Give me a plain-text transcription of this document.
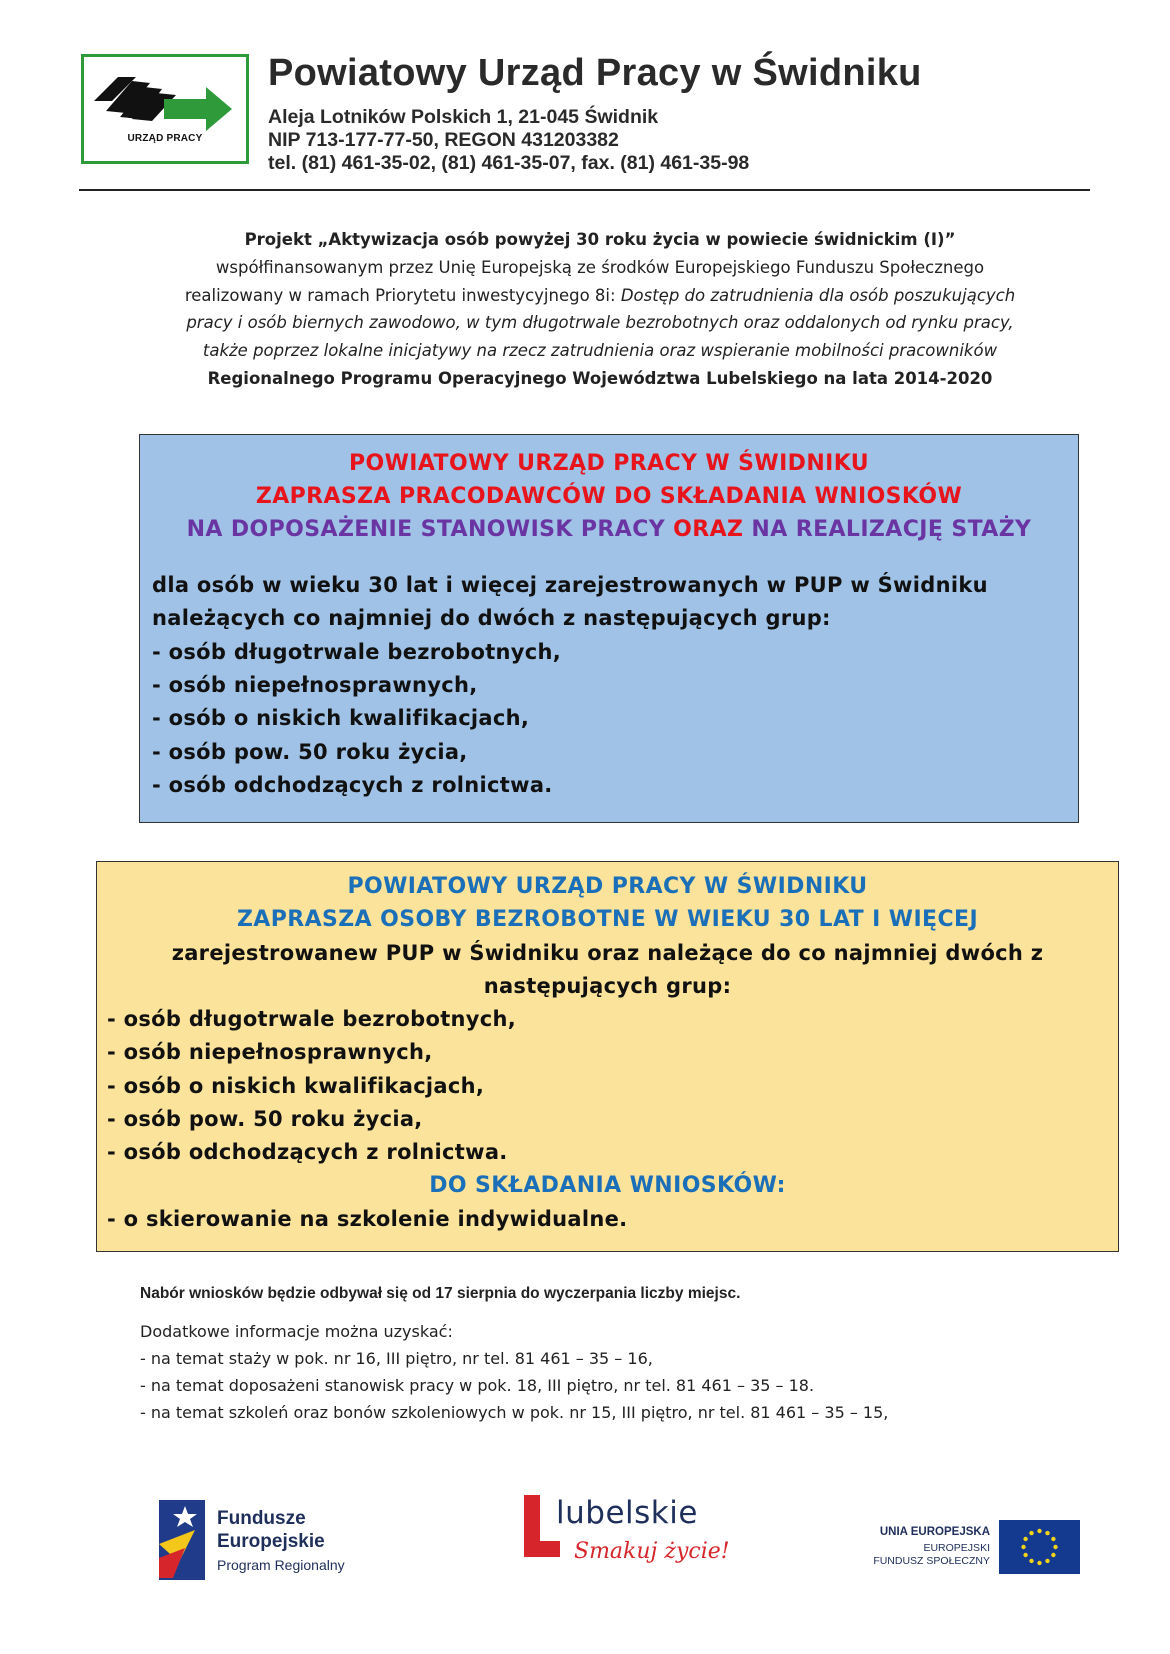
URZĄD PRACY
Powiatowy Urząd Pracy w Świdniku
Aleja Lotników Polskich 1, 21-045 Świdnik
NIP 713-177-77-50, REGON 431203382
tel. (81) 461-35-02, (81) 461-35-07, fax. (81) 461-35-98
Projekt „Aktywizacja osób powyżej 30 roku życia w powiecie świdnickim (I)”
współfinansowanym przez Unię Europejską ze środków Europejskiego Funduszu Społecznego
realizowany w ramach Priorytetu inwestycyjnego 8i: Dostęp do zatrudnienia dla osób poszukujących
pracy i osób biernych zawodowo, w tym długotrwale bezrobotnych oraz oddalonych od rynku pracy,
także poprzez lokalne inicjatywy na rzecz zatrudnienia oraz wspieranie mobilności pracowników
Regionalnego Programu Operacyjnego Województwa Lubelskiego na lata 2014-2020
POWIATOWY URZĄD PRACY W ŚWIDNIKU
ZAPRASZA PRACODAWCÓW DO SKŁADANIA WNIOSKÓW
NA DOPOSAŻENIE STANOWISK PRACY ORAZ NA REALIZACJĘ STAŻY
dla osób w wieku 30 lat i więcej zarejestrowanych w PUP w Świdniku
należących co najmniej do dwóch z następujących grup:
- osób długotrwale bezrobotnych,
- osób niepełnosprawnych,
- osób o niskich kwalifikacjach,
- osób pow. 50 roku życia,
- osób odchodzących z rolnictwa.
POWIATOWY URZĄD PRACY W ŚWIDNIKU
ZAPRASZA OSOBY BEZROBOTNE W WIEKU 30 LAT I WIĘCEJ
zarejestrowanew PUP w Świdniku oraz należące do co najmniej dwóch z
następujących grup:
- osób długotrwale bezrobotnych,
- osób niepełnosprawnych,
- osób o niskich kwalifikacjach,
- osób pow. 50 roku życia,
- osób odchodzących z rolnictwa.
DO SKŁADANIA WNIOSKÓW:
- o skierowanie na szkolenie indywidualne.
Nabór wniosków będzie odbywał się od 17 sierpnia do wyczerpania liczby miejsc.
Dodatkowe informacje można uzyskać:
- na temat staży w pok. nr 16, III piętro, nr tel. 81 461 – 35 – 16,
- na temat doposażeni stanowisk pracy w pok. 18, III piętro, nr tel. 81 461 – 35 – 18.
- na temat szkoleń oraz bonów szkoleniowych w pok. nr 15, III piętro, nr tel. 81 461 – 35 – 15,
Fundusze
Europejskie
Program Regionalny
lubelskie
Smakuj życie!
UNIA EUROPEJSKA
EUROPEJSKI
FUNDUSZ SPOŁECZNY
